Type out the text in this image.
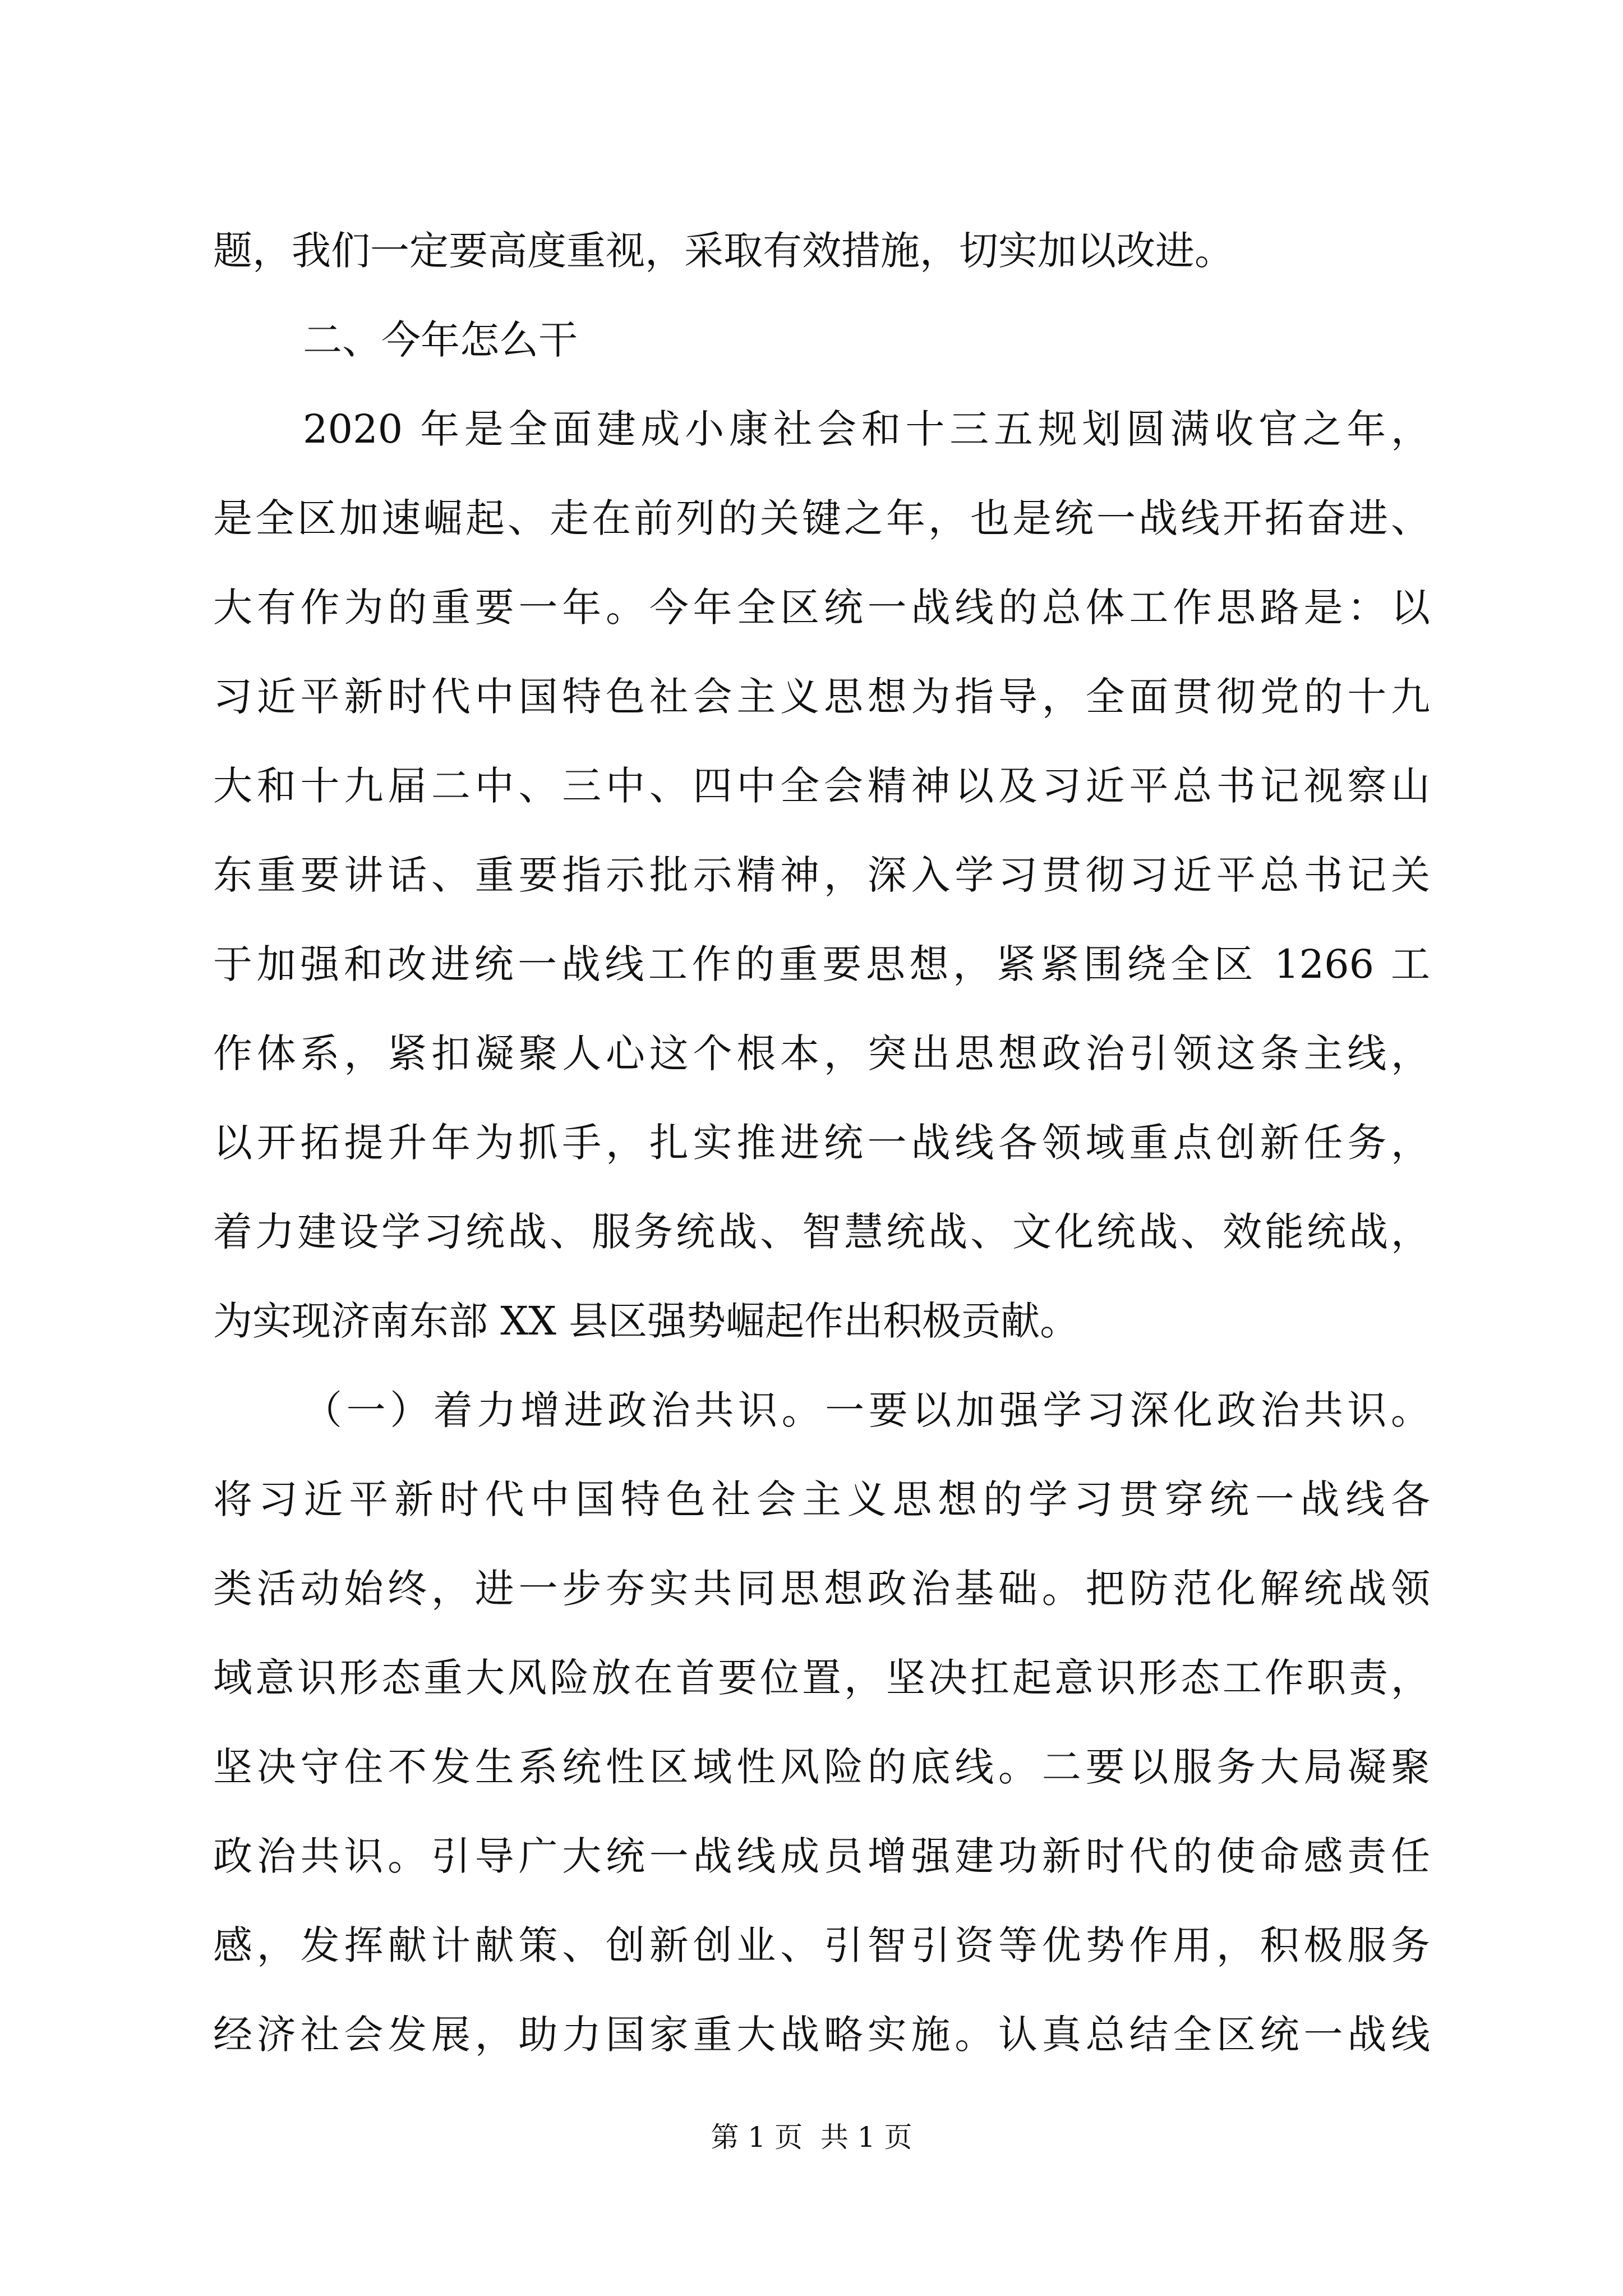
题，我们一定要高度重视，采取有效措施，切实加以改进。
二、今年怎么干
2020 年是全面建成小康社会和十三五规划圆满收官之年，
是全区加速崛起、走在前列的关键之年，也是统一战线开拓奋进、
大有作为的重要一年。今年全区统一战线的总体工作思路是：以
习近平新时代中国特色社会主义思想为指导，全面贯彻党的十九
大和十九届二中、三中、四中全会精神以及习近平总书记视察山
东重要讲话、重要指示批示精神，深入学习贯彻习近平总书记关
于加强和改进统一战线工作的重要思想，紧紧围绕全区 1266 工
作体系，紧扣凝聚人心这个根本，突出思想政治引领这条主线，
以开拓提升年为抓手，扎实推进统一战线各领域重点创新任务，
着力建设学习统战、服务统战、智慧统战、文化统战、效能统战，
为实现济南东部 XX 县区强势崛起作出积极贡献。
（一）着力增进政治共识。一要以加强学习深化政治共识。
将习近平新时代中国特色社会主义思想的学习贯穿统一战线各
类活动始终，进一步夯实共同思想政治基础。把防范化解统战领
域意识形态重大风险放在首要位置，坚决扛起意识形态工作职责，
坚决守住不发生系统性区域性风险的底线。二要以服务大局凝聚
政治共识。引导广大统一战线成员增强建功新时代的使命感责任
感，发挥献计献策、创新创业、引智引资等优势作用，积极服务
经济社会发展，助力国家重大战略实施。认真总结全区统一战线
第 1 页  共 1 页
